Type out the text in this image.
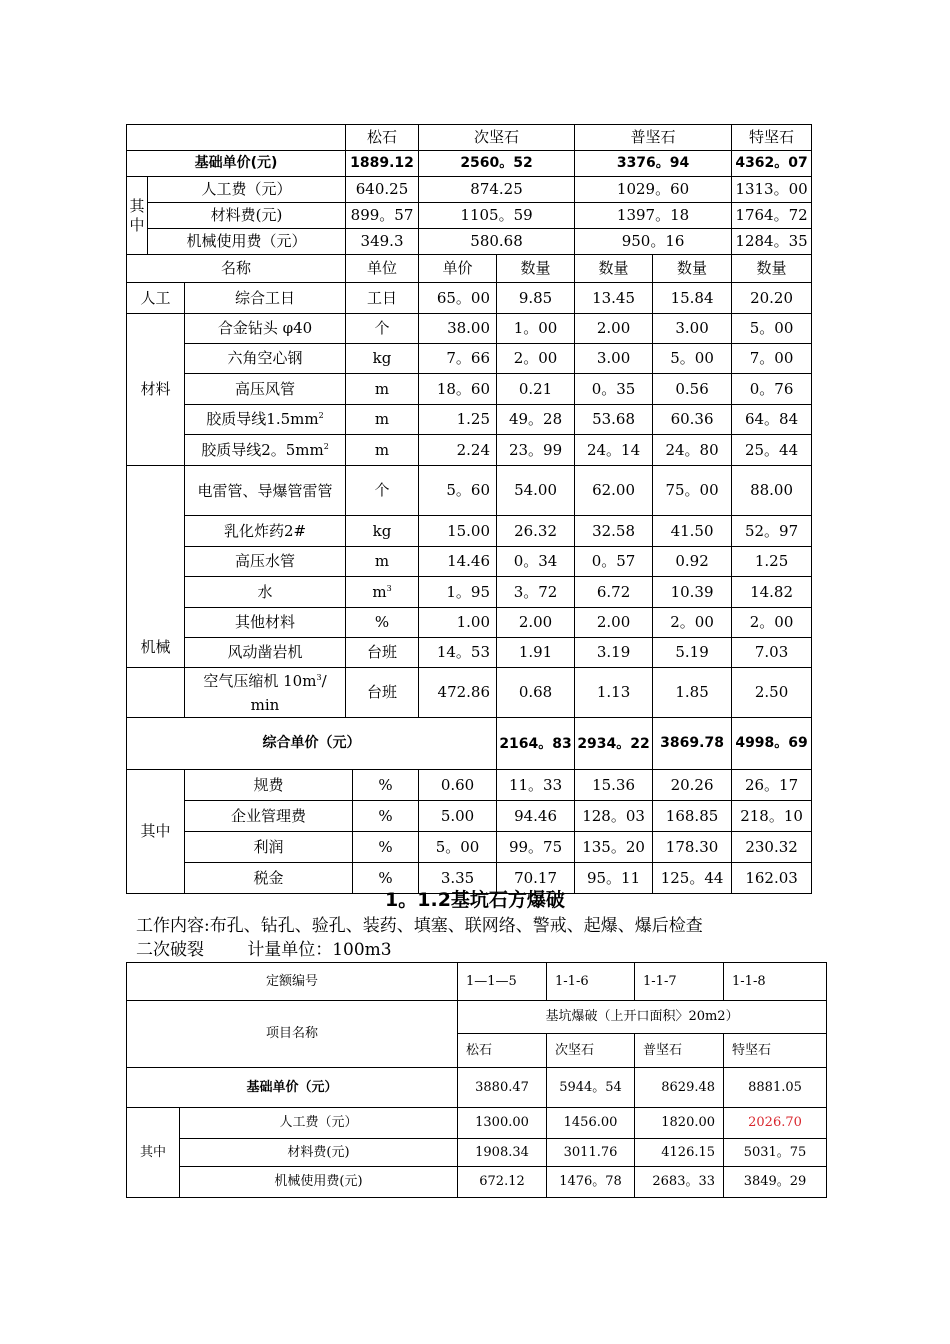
			松石		次坚石		普坚石		特坚石
基础单价(元)			1889.12		2560。52		3376。94		4362。07
其中	人工费（元）		640.25		874.25		1029。60		1313。00
	材料费(元)		899。57		1105。59		1397。18		1764。72
	机械使用费（元）		349.3		580.68		950。16		1284。35
名称			单位		单价	数量	数量	数量	数量
人工		综合工日	工日		65。00	9.85	13.45	15.84	20.20
材料		合金钻头 φ40	个		38.00	1。00	2.00	3.00	5。00
		六角空心钢	kg		7。66	2。00	3.00	5。00	7。00
		高压风管	m		18。60	0.21	0。35	0.56	0。76
		胶质导线$1.5mm^2$	m		1.25	49。28	53.68	60.36	64。84
		胶质导线2。$5mm^2$	m		2.24	23。99	24。14	24。80	25。44
		电雷管、导爆管雷管	个		5。60	54.00	62.00	75。00	88.00
		乳化炸药2#	kg		15.00	26.32	32.58	41.50	52。97
		高压水管	m		14.46	0。34	0。57	0.92	1.25
		水	$m^3$		1。95	3。72	6.72	10.39	14.82
		其他材料	%		1.00	2.00	2.00	2。00	2。00
		风动凿岩机	台班		14。53	1.91	3.19	5.19	7.03
		空气压缩机 $10m^3/$
min	台班		472.86	0.68	1.13	1.85	2.50
综合单价（元）						2164。83	2934。22	3869.78	4998。69
其中		规费		%	0.60	11。33	15.36	20.26	26。17
		企业管理费		%	5.00	94.46	128。03	168.85	218。10
		利润		%	5。00	99。75	135。20	178.30	230.32
		税金		%	3.35	70.17	95。11	125。44	162.03
机械
1。1.2基坑石方爆破
工作内容:布孔、钻孔、验孔、装药、填塞、联网络、警戒、起爆、爆后检查
二次破裂	计量单位：100m3
定额编号		1—1—5	1-1-6	1-1-7	1-1-8
项目名称		基坑爆破（上开口面积〉20m2）			
		松石	次坚石	普坚石	特坚石
基础单价（元）		3880.47	5944。54	8629.48	8881.05
其中	人工费（元）	1300.00	1456.00	1820.00	2026.70
	材料费(元)	1908.34	3011.76	4126.15	5031。75
	机械使用费(元)	672.12	1476。78	2683。33	3849。29
